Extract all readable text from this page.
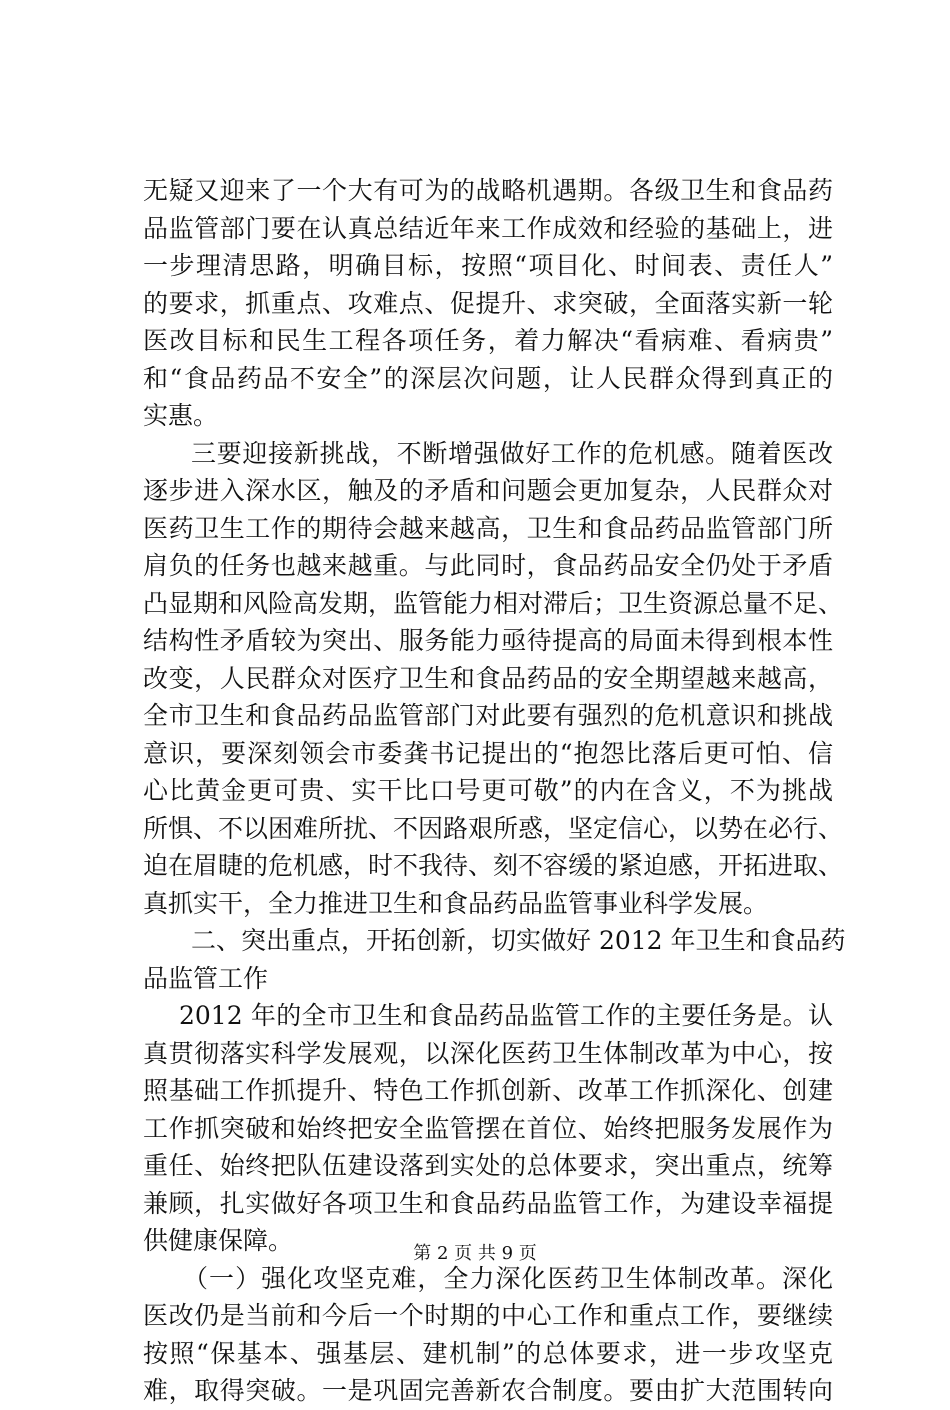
无疑又迎来了一个大有可为的战略机遇期。各级卫生和食品药
品监管部门要在认真总结近年来工作成效和经验的基础上，进
一步理清思路，明确目标，按照“项目化、时间表、责任人”
的要求，抓重点、攻难点、促提升、求突破，全面落实新一轮
医改目标和民生工程各项任务，着力解决“看病难、看病贵”
和“食品药品不安全”的深层次问题，让人民群众得到真正的
实惠。
三要迎接新挑战，不断增强做好工作的危机感。随着医改
逐步进入深水区，触及的矛盾和问题会更加复杂，人民群众对
医药卫生工作的期待会越来越高，卫生和食品药品监管部门所
肩负的任务也越来越重。与此同时，食品药品安全仍处于矛盾
凸显期和风险高发期，监管能力相对滞后；卫生资源总量不足、
结构性矛盾较为突出、服务能力亟待提高的局面未得到根本性
改变，人民群众对医疗卫生和食品药品的安全期望越来越高，
全市卫生和食品药品监管部门对此要有强烈的危机意识和挑战
意识，要深刻领会市委龚书记提出的“抱怨比落后更可怕、信
心比黄金更可贵、实干比口号更可敬”的内在含义，不为挑战
所惧、不以困难所扰、不因路艰所惑，坚定信心，以势在必行、
迫在眉睫的危机感，时不我待、刻不容缓的紧迫感，开拓进取、
真抓实干，全力推进卫生和食品药品监管事业科学发展。
二、突出重点，开拓创新，切实做好 2012 年卫生和食品药
品监管工作
2012 年的全市卫生和食品药品监管工作的主要任务是。认
真贯彻落实科学发展观，以深化医药卫生体制改革为中心，按
照基础工作抓提升、特色工作抓创新、改革工作抓深化、创建
工作抓突破和始终把安全监管摆在首位、始终把服务发展作为
重任、始终把队伍建设落到实处的总体要求，突出重点，统筹
兼顾，扎实做好各项卫生和食品药品监管工作，为建设幸福提
供健康保障。
（一）强化攻坚克难，全力深化医药卫生体制改革。深化
医改仍是当前和今后一个时期的中心工作和重点工作，要继续
按照“保基本、强基层、建机制”的总体要求，进一步攻坚克
难，取得突破。一是巩固完善新农合制度。要由扩大范围转向
第 2 页 共 9 页
